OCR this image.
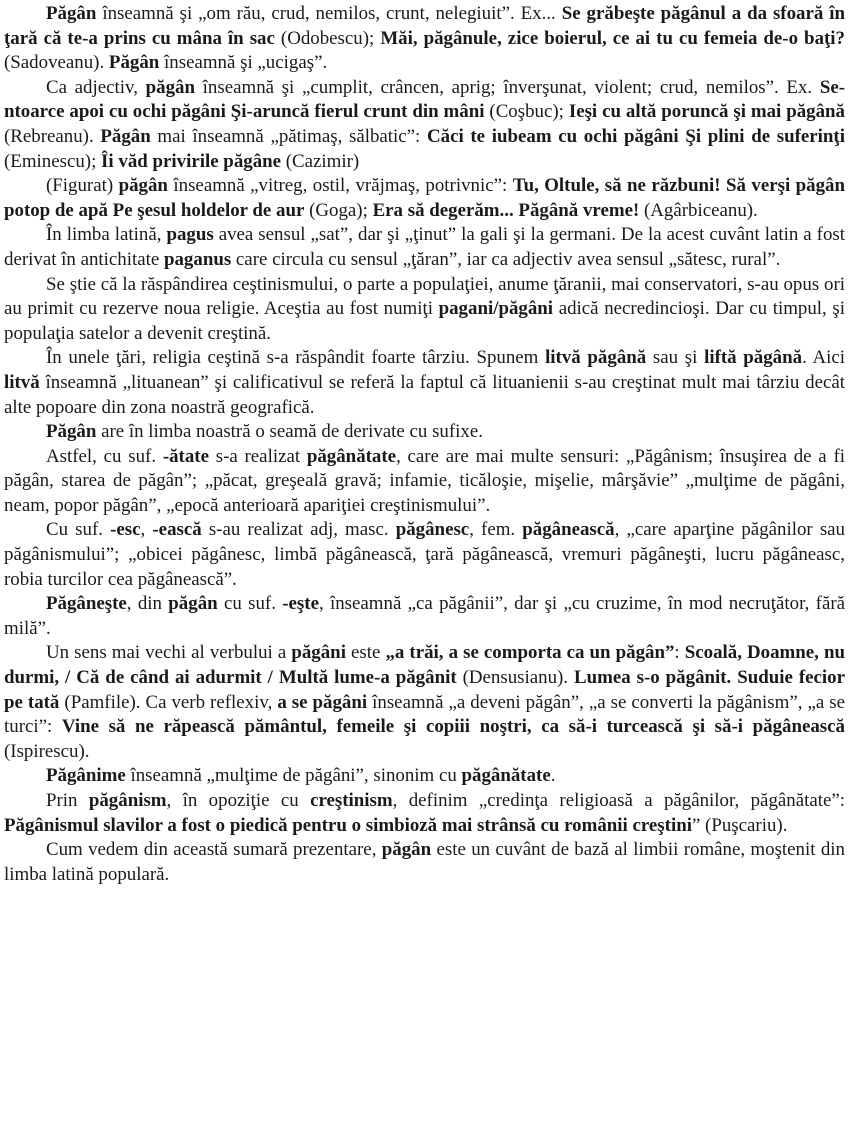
Păgân înseamnă şi „om rău, crud, nemilos, crunt, nelegiuit”. Ex... Se grăbeşte păgânul a da sfoară în ţară că te-a prins cu mâna în sac (Odobescu); Măi, păgânule, zice boierul, ce ai tu cu femeia de-o baţi? (Sadoveanu). Păgân înseamnă şi „ucigaş”.

Ca adjectiv, păgân înseamnă şi „cumplit, crâncen, aprig; înverşunat, violent; crud, nemilos”. Ex. Se-ntoarce apoi cu ochi păgâni Şi-aruncă fierul crunt din mâni (Coşbuc); Ieşi cu altă poruncă şi mai păgână (Rebreanu). Păgân mai înseamnă „pătimaş, sălbatic”: Căci te iubeam cu ochi păgâni Şi plini de suferinţi (Eminescu); Îi văd privirile păgâne (Cazimir)

(Figurat) păgân înseamnă „vitreg, ostil, vrăjmaş, potrivnic”: Tu, Oltule, să ne răzbuni! Să verşi păgân potop de apă Pe şesul holdelor de aur (Goga); Era să degerăm... Păgână vreme! (Agârbiceanu).

În limba latină, pagus avea sensul „sat”, dar şi „ţinut” la gali şi la germani. De la acest cuvânt latin a fost derivat în antichitate paganus care circula cu sensul „ţăran”, iar ca adjectiv avea sensul „sătesc, rural”.

Se ştie că la răspândirea ceştinismului, o parte a populaţiei, anume ţăranii, mai conservatori, s-au opus ori au primit cu rezerve noua religie. Aceştia au fost numiţi pagani/păgâni adică necredincioşi. Dar cu timpul, şi populaţia satelor a devenit creştină.

În unele ţări, religia ceştină s-a răspândit foarte târziu. Spunem litvă păgână sau şi liftă păgână. Aici litvă înseamnă „lituanean” şi calificativul se referă la faptul că lituanienii s-au creştinat mult mai târziu decât alte popoare din zona noastră geografică.

Păgân are în limba noastră o seamă de derivate cu sufixe.

Astfel, cu suf. -ătate s-a realizat păgânătate, care are mai multe sensuri: „Păgânism; însuşirea de a fi păgân, starea de păgân”; „păcat, greşeală gravă; infamie, ticăloşie, mişelie, mârşăvie” „mulţime de păgâni, neam, popor păgân”, „epocă anterioară apariţiei creştinismului”.

Cu suf. -esc, -ească s-au realizat adj, masc. păgânesc, fem. păgânească, „care aparţine păgânilor sau păgânismului”; „obicei păgânesc, limbă păgânească, ţară păgânească, vremuri păgâneşti, lucru păgâneasc, robia turcilor cea păgânească”.

Păgâneşte, din păgân cu suf. -eşte, înseamnă „ca păgânii”, dar şi „cu cruzime, în mod necruţător, fără milă”.

Un sens mai vechi al verbului a păgâni este „a trăi, a se comporta ca un păgân”: Scoală, Doamne, nu durmi, / Că de când ai adurmit / Multă lume-a păgânit (Densusianu). Lumea s-o păgânit. Suduie fecior pe tată (Pamfile). Ca verb reflexiv, a se păgâni înseamnă „a deveni păgân”, „a se converti la păgânism”, „a se turci”: Vine să ne răpească pământul, femeile şi copiii noştri, ca să-i turcească şi să-i păgânească (Ispirescu).

Păgânime înseamnă „mulţime de păgâni”, sinonim cu păgânătate.

Prin păgânism, în opoziţie cu creştinism, definim „credinţa religioasă a păgânilor, păgânătate”: Păgânismul slavilor a fost o piedică pentru o simbioză mai strânsă cu românii creştini” (Puşcariu).

Cum vedem din această sumară prezentare, păgân este un cuvânt de bază al limbii române, moştenit din limba latină populară.
